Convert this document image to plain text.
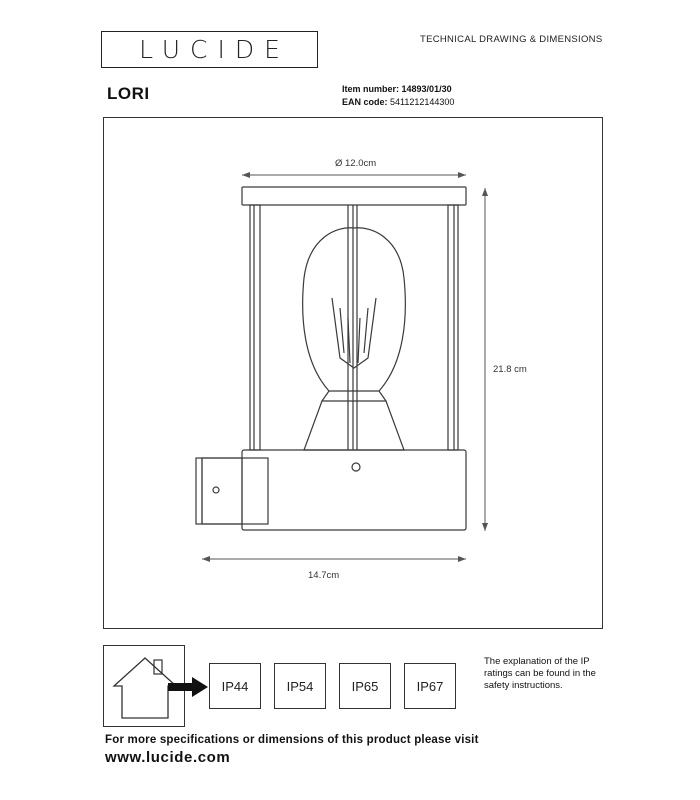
LUCIDE	TECHNICAL DRAWING & DIMENSIONS
LORI	Item number: 14893/01/30
EAN code: 5411212144300
Ø 12.0cm
21.8 cm
14.7cm
IP44	IP54	IP65	IP67
The explanation of the IP ratings can be found in the safety instructions.
For more specifications or dimensions of this product please visit
www.lucide.com
